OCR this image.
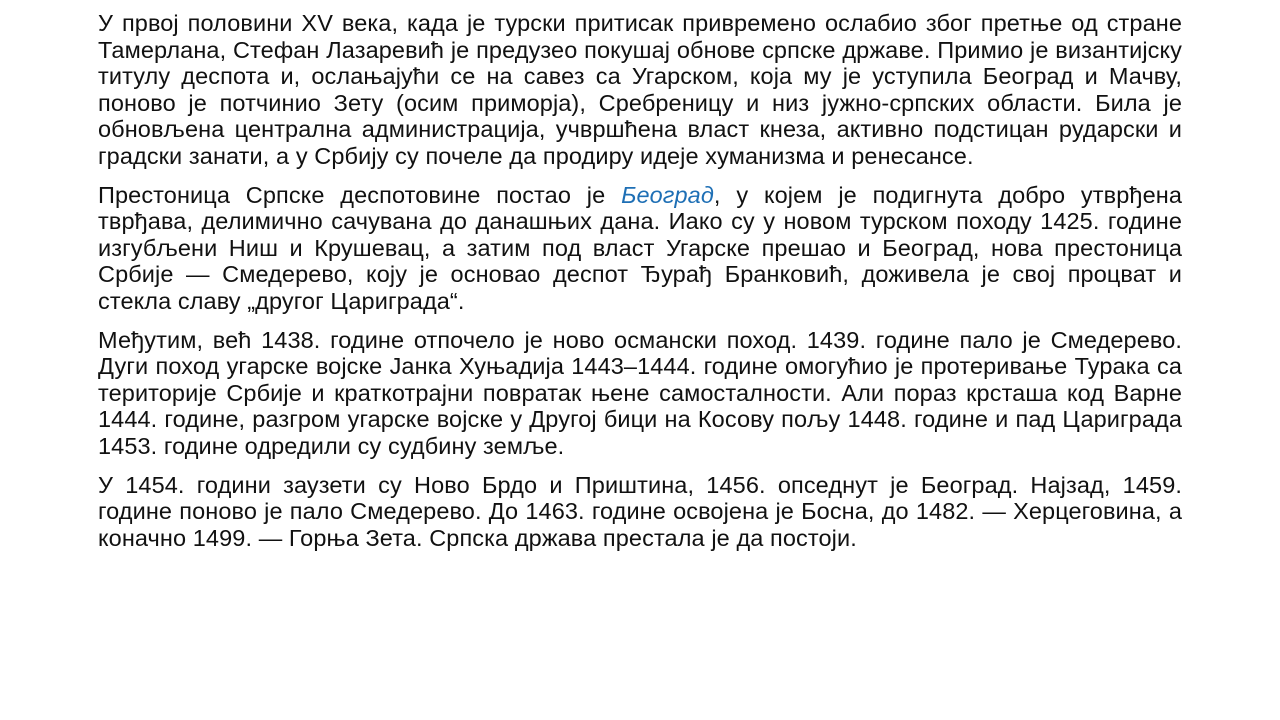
У првој половини XV века, када је турски притисак привремено ослабио због претње од стране Тамерлана, Стефан Лазаревић је предузео покушај обнове српске државе. Примио је византијску титулу деспота и, ослањајући се на савез са Угарском, која му је уступила Београд и Мачву, поново је потчинио Зету (осим приморја), Сребреницу и низ јужно-српских области. Била је обновљена централна администрација, учвршћена власт кнеза, активно подстицан рударски и градски занати, а у Србију су почеле да продиру идеје хуманизма и ренесансе.

Престоница Српске деспотовине постао је Београд, у којем је подигнута добро утврђена тврђава, делимично сачувана до данашњих дана. Иако су у новом турском походу 1425. године изгубљени Ниш и Крушевац, а затим под власт Угарске прешао и Београд, нова престоница Србије — Смедерево, коју је основао деспот Ђурађ Бранковић, доживела је свој процват и стекла славу „другог Цариграда“.

Међутим, већ 1438. године отпочело је ново османски поход. 1439. године пало је Смедерево. Дуги поход угарске војске Јанка Хуњадија 1443–1444. године омогућио је протеривање Турака са територије Србије и краткотрајни повратак њене самосталности. Али пораз крсташа код Варне 1444. године, разгром угарске војске у Другој бици на Косову пољу 1448. године и пад Цариграда 1453. године одредили су судбину земље.

У 1454. години заузети су Ново Брдо и Приштина, 1456. опседнут је Београд. Најзад, 1459. године поново је пало Смедерево. До 1463. године освојена је Босна, до 1482. — Херцеговина, а коначно 1499. — Горња Зета. Српска држава престала је да постоји.
